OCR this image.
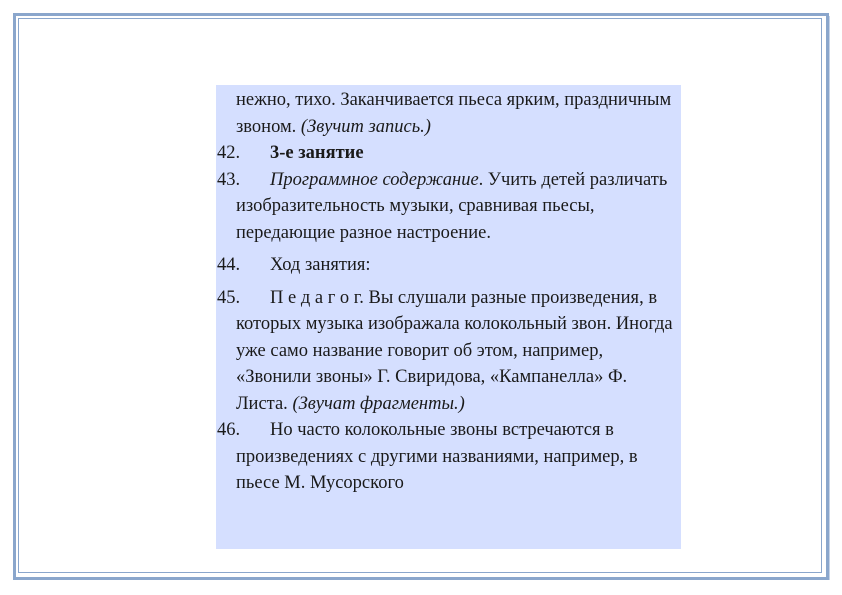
нежно, тихо. Заканчивается пьеса ярким, праздничным звоном. (Звучит запись.)
42. 3-е занятие
43. Программное содержание. Учить детей различать изобразительность музыки, сравнивая пьесы, передающие разное настроение.
44. Ход занятия:
45. П е д а г о г. Вы слушали разные произведения, в которых музыка изображала колокольный звон. Иногда уже само название говорит об этом, например, «Звонили звоны» Г. Свиридова, «Кампанелла» Ф. Листа. (Звучат фрагменты.)
46. Но часто колокольные звоны встречаются в произведениях с другими названиями, например, в пьесе М. Мусорского
